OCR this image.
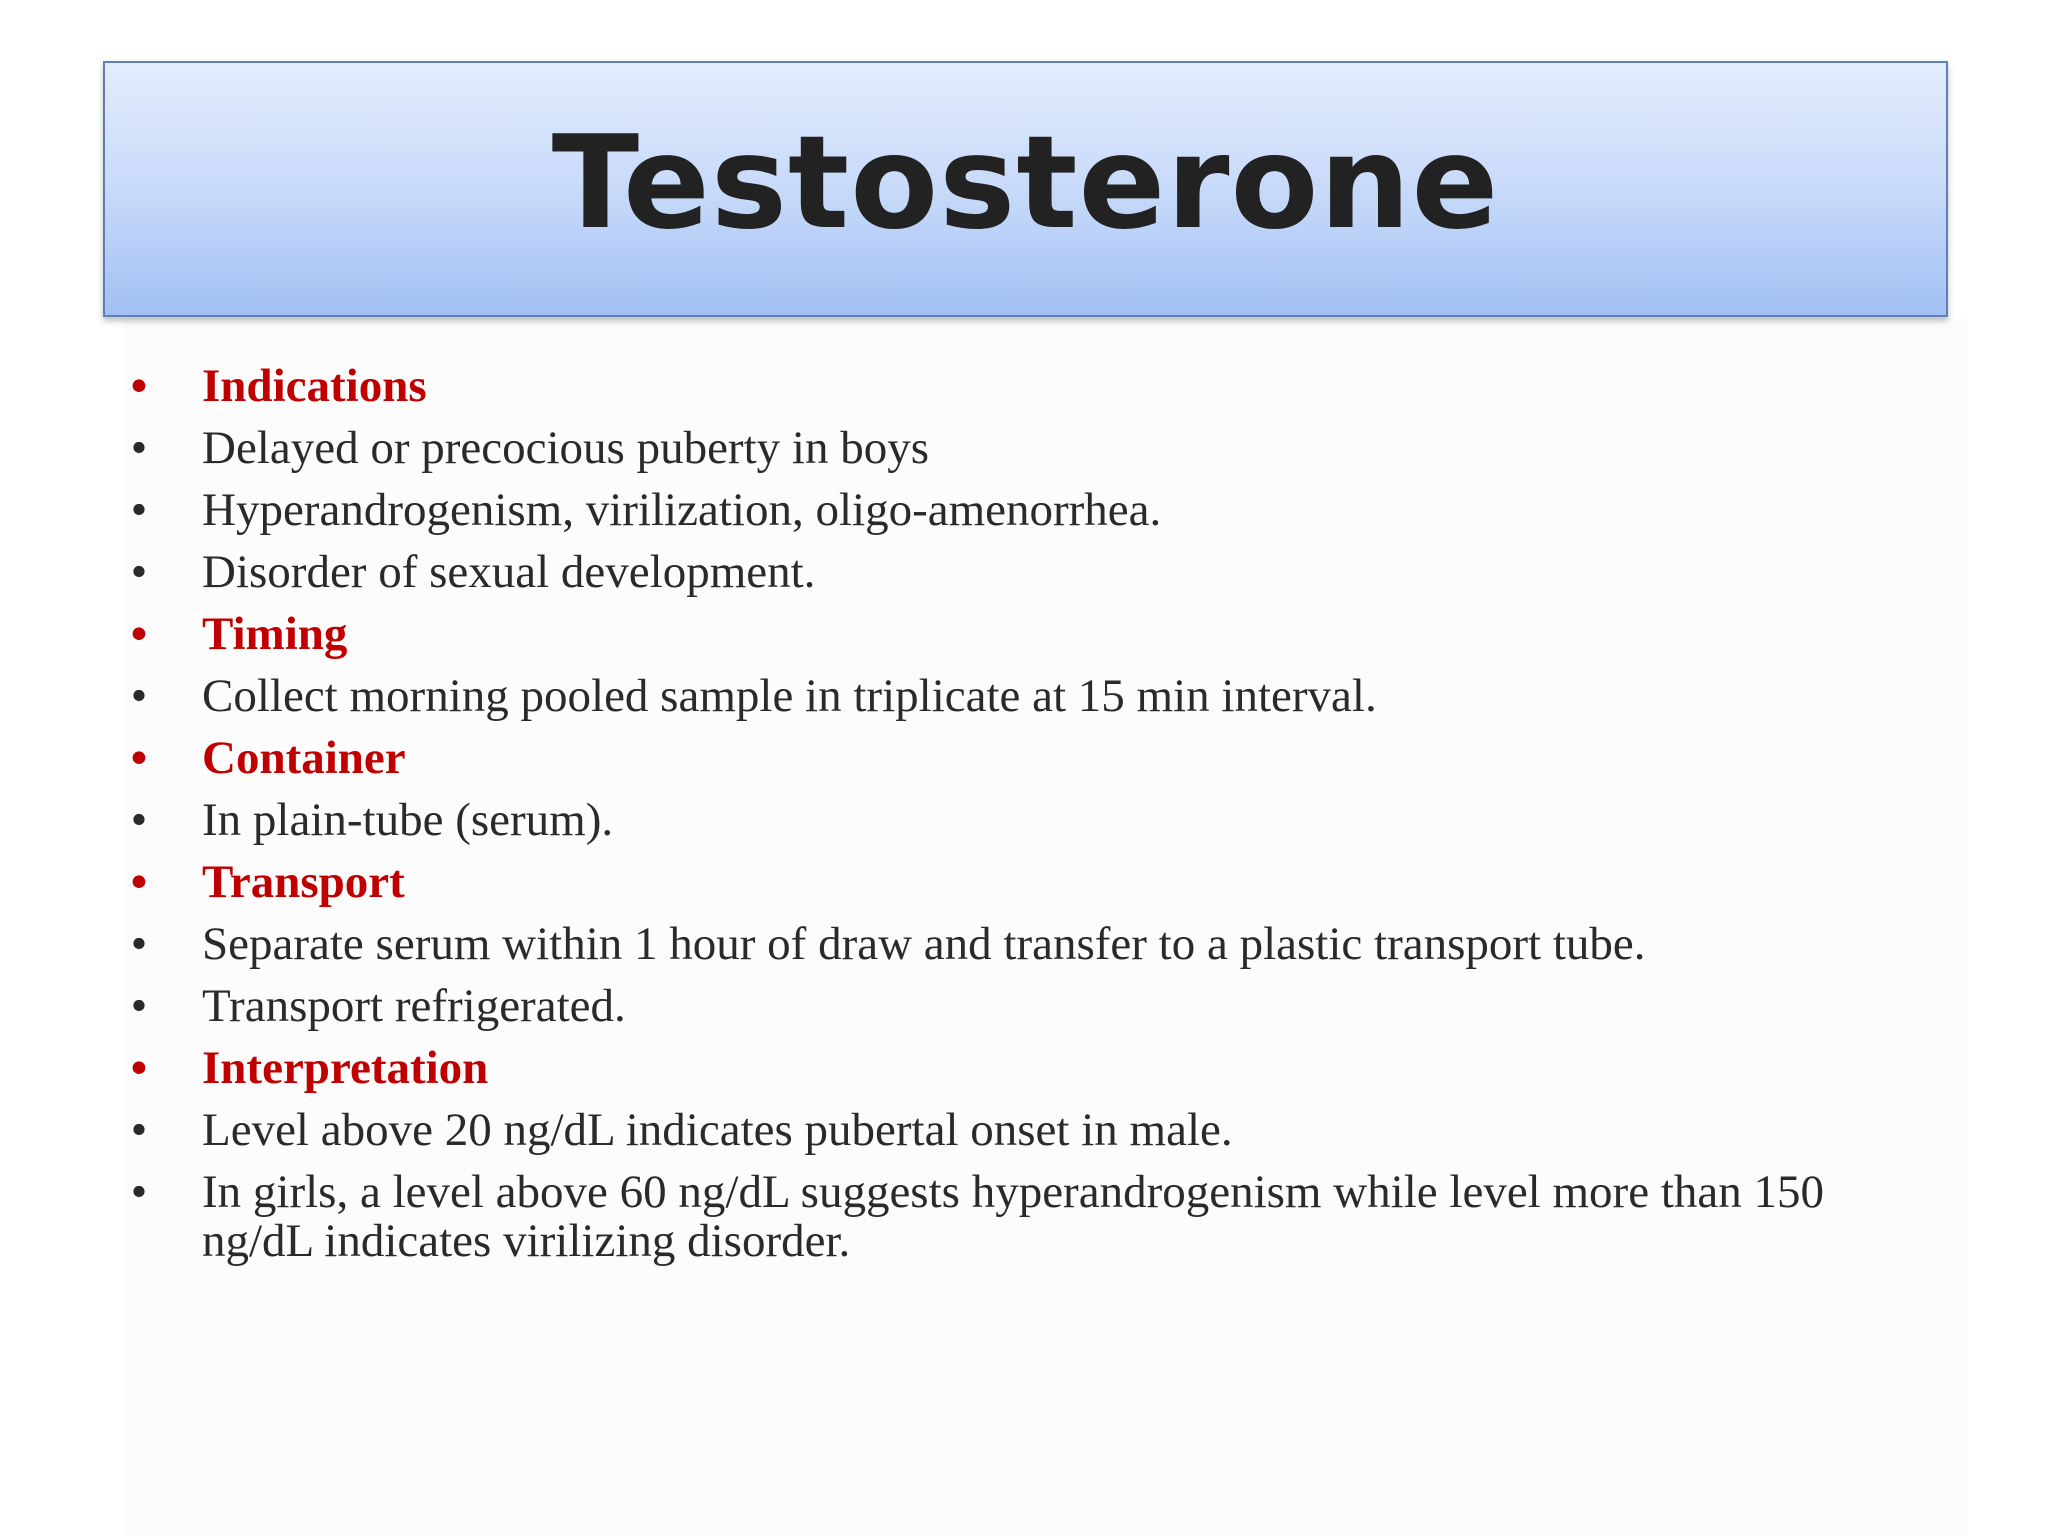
Testosterone
• Indications
• Delayed or precocious puberty in boys
• Hyperandrogenism, virilization, oligo-amenorrhea.
• Disorder of sexual development.
• Timing
• Collect morning pooled sample in triplicate at 15 min interval.
• Container
• In plain-tube (serum).
• Transport
• Separate serum within 1 hour of draw and transfer to a plastic transport tube.
• Transport refrigerated.
• Interpretation
• Level above 20 ng/dL indicates pubertal onset in male.
• In girls, a level above 60 ng/dL suggests hyperandrogenism while level more than 150 ng/dL indicates virilizing disorder.
